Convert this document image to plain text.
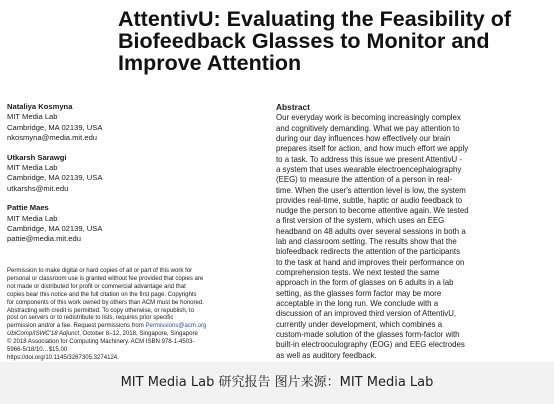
AttentivU: Evaluating the Feasibility of
Biofeedback Glasses to Monitor and
Improve Attention
Nataliya Kosmyna
MIT Media Lab
Cambridge, MA 02139, USA
nkosmyna@media.mit.edu
Utkarsh Sarawgi
MIT Media Lab
Cambridge, MA 02139, USA
utkarshs@mit.edu
Pattie Maes
MIT Media Lab
Cambridge, MA 02139, USA
pattie@media.mit.edu
Permission to make digital or hard copies of all or part of this work for
personal or classroom use is granted without fee provided that copies are
not made or distributed for profit or commercial advantage and that
copies bear this notice and the full citation on the first page. Copyrights
for components of this work owned by others than ACM must be honored.
Abstracting with credit is permitted. To copy otherwise, or republish, to
post on servers or to redistribute to lists, requires prior specific
permission and/or a fee. Request permissions from Permissions@acm.org
UbiComp/ISWC'18 Adjunct, October 8–12, 2018, Singapore, Singapore
© 2018 Association for Computing Machinery. ACM ISBN 978-1-4503-
5966-5/18/10…$15.00
https://doi.org/10.1145/3267305.3274124.
Abstract
Our everyday work is becoming increasingly complex
and cognitively demanding. What we pay attention to
during our day influences how effectively our brain
prepares itself for action, and how much effort we apply
to a task. To address this issue we present AttentivU -
a system that uses wearable electroencephalography
(EEG) to measure the attention of a person in real-
time. When the user's attention level is low, the system
provides real-time, subtle, haptic or audio feedback to
nudge the person to become attentive again. We tested
a first version of the system, which uses an EEG
headband on 48 adults over several sessions in both a
lab and classroom setting. The results show that the
biofeedback redirects the attention of the participants
to the task at hand and improves their performance on
comprehension tests. We next tested the same
approach in the form of glasses on 6 adults in a lab
setting, as the glasses form factor may be more
acceptable in the long run. We conclude with a
discussion of an improved third version of AttentivU,
currently under development, which combines a
custom-made solution of the glasses form-factor with
built-in electrooculography (EOG) and EEG electrodes
as well as auditory feedback.
MIT Media Lab 研究报告 图片来源：MIT Media Lab
